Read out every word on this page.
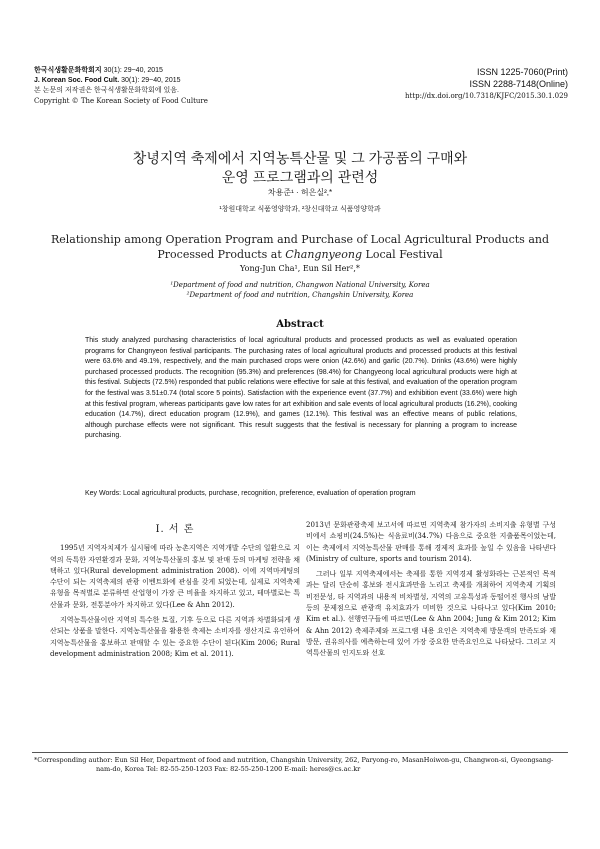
한국식생활문화학회지 30(1): 29~40, 2015
J. Korean Soc. Food Cult. 30(1): 29~40, 2015
본 논문의 저작권은 한국식생활문화학회에 있음.
Copyright © The Korean Society of Food Culture
ISSN 1225-7060(Print)
ISSN 2288-7148(Online)
http://dx.doi.org/10.7318/KJFC/2015.30.1.029
창녕지역 축제에서 지역농특산물 및 그 가공품의 구매와
운영 프로그램과의 관련성
차용준¹ · 허은실²,*
¹창원대학교 식품영양학과, ²창신대학교 식품영양학과
Relationship among Operation Program and Purchase of Local Agricultural Products and
Processed Products at Changnyeong Local Festival
Yong-Jun Cha¹, Eun Sil Her²,*
¹Department of food and nutrition, Changwon National University, Korea
²Department of food and nutrition, Changshin University, Korea
Abstract
This study analyzed purchasing characteristics of local agricultural products and processed products as well as evaluated operation programs for Changnyeon festival participants. The purchasing rates of local agricultural products and processed products at this festival were 63.6% and 49.1%, respectively, and the main purchased crops were onion (42.6%) and garlic (20.7%). Drinks (43.6%) were highly purchased processed products. The recognition (95.3%) and preferences (98.4%) for Changyeong local agricultural products were high at this festival. Subjects (72.5%) responded that public relations were effective for sale at this festival, and evaluation of the operation program for the festival was 3.51±0.74 (total score 5 points). Satisfaction with the experience event (37.7%) and exhibition event (33.6%) were high at this festival program, whereas participants gave low rates for art exhibition and sale events of local agricultural products (16.2%), cooking education (14.7%), direct education program (12.9%), and games (12.1%). This festival was an effective means of public relations, although purchase effects were not significant. This result suggests that the festival is necessary for planning a program to increase purchasing.
Key Words: Local agricultural products, purchase, recognition, preference, evaluation of operation program
Ⅰ. 서 론

1995년 지역자치제가 실시됨에 따라 농촌지역은 지역개발 수단의 일환으로 지역의 독특한 자연환경과 문화, 지역농특산물의 홍보 및 판매 등의 마케팅 전략을 채택하고 있다(Rural development administration 2008). 이에 지역마케팅의 수단이 되는 지역축제의 관광 이벤트화에 관심을 갖게 되었는데, 실제로 지역축제 유형을 목적별로 분류하면 산업형이 가장 큰 비율을 차지하고 있고, 테마별로는 특산물과 문화, 전통분야가 차지하고 있다(Lee & Ahn 2012).

지역농특산물이란 지역의 특수한 토질, 기후 등으로 다른 지역과 차별화되게 생산되는 상품을 말한다. 지역농특산물을 활용한 축제는 소비자를 생산지로 유인하여 지역농특산물을 홍보하고 판매할 수 있는 중요한 수단이 된다(Kim 2006; Rural development administration 2008; Kim et al. 2011).

2013년 문화관광축제 보고서에 따르면 지역축제 참가자의 소비지출 유형별 구성비에서 쇼핑비(24.5%)는 식음료비(34.7%) 다음으로 중요한 지출품목이었는데, 이는 축제에서 지역농특산물 판매를 통해 경제적 효과를 높일 수 있음을 나타낸다(Ministry of culture, sports and tourism 2014).

그러나 일부 지역축제에서는 축제를 통한 지역경제 활성화라는 근본적인 목적과는 달리 단순히 홍보와 전시효과만을 노리고 축제를 개최하여 지역축제 기획의 비전문성, 타 지역과의 내용적 비차별성, 지역의 고유특성과 동떨어진 행사의 남발 등의 문제점으로 관광객 유치효과가 미비한 것으로 나타나고 있다(Kim 2010; Kim et al.). 선행연구들에 따르면(Lee & Ahn 2004; Jung & Kim 2012; Kim & Ahn 2012) 축제주제와 프로그램 내용 요인은 지역축제 방문객의 만족도와 재방문, 권유의사를 예측하는데 있어 가장 중요한 만족요인으로 나타났다. 그리고 지역특산물의 인지도와 선호

*Corresponding author: Eun Sil Her, Department of food and nutrition, Changshin University, 262, Paryong-ro, MasanHoiwon-gu, Changwon-si, Gyeongsang-
nam-do, Korea Tel: 82-55-250-1203 Fax: 82-55-250-1200 E-mail: heres@cs.ac.kr
